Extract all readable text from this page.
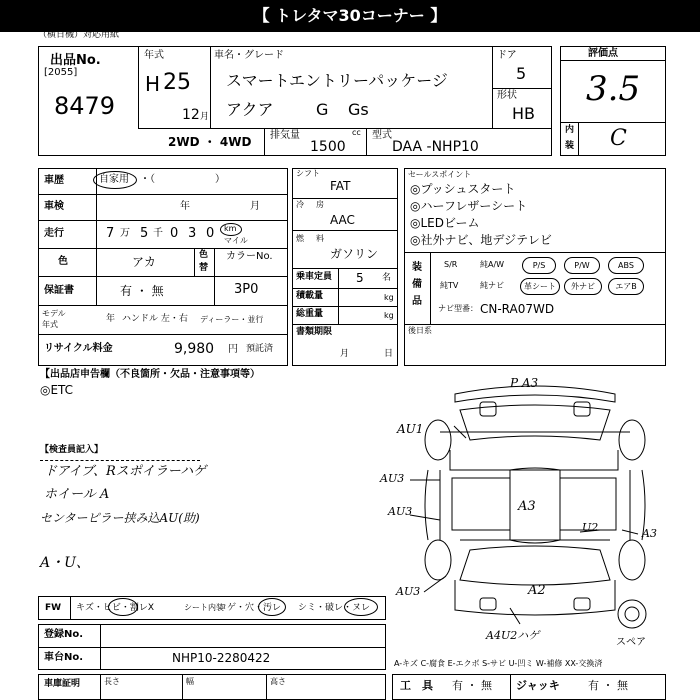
【 トレタマ30コーナー 】
（横日機）対応用紙
出品No.
[2055]
8479
年式
H 25
12 月
車名・グレード
スマートエントリーパッケージ
アクア	G Gs
ドア
5
形状
HB
2WD ・ 4WD 排気量	cc
1500
型式
DAA -NHP10
評価点
3.5
内
装 C
車歴	自家用 ・（　　　　　　）
車検	年	月
走行	7 万 5 千 0 3 0 km
マイル
色	アカ	色
替
カラーNo.
保証書	有 ・ 無	3P0
モデル
年式
年 ハンドル 左・右 ディーラー・並行
リサイクル料金	9,980 円 預託済
シフト
FAT
冷 房
AAC
燃 料
ガソリン
乗車定員 5 名
積載量	kg
総重量	kg
書類期限
月	日
セールスポイント
◎プッシュスタート
◎ハーフレザーシート
◎LEDビーム
◎社外ナビ、地デジテレビ
装
備
品
S/R	純A/W	P/S	P/W	ABS
純TV	純ナビ	革シート	外ナビ	エアB
ナビ型番： CN-RA07WD
後日系
【出品店申告欄（不良箇所・欠品・注意事項等）
◎ETC
【検査員記入】
ドアイブ、Rスポイラーハゲ
ホイール A
センターピラー挟み込AU(助)
A・U、
P A3
AU1
AU3
A3
AU3
U2	A3
AU3	A2
A4U2ハゲ
スペア
FW キズ・ヒビ・割レX	シート内装
コゲ・穴・汚レ シミ・破レ・ヌレ
登録No.
車台No.	NHP10-2280422	A-キズ C-腐食 E-エクボ S-サビ U-凹ミ W-補修 XX-交換済
車庫証明	長さ	幅	高さ	工　具 有 ・ 無 ジャッキ	有 ・ 無
